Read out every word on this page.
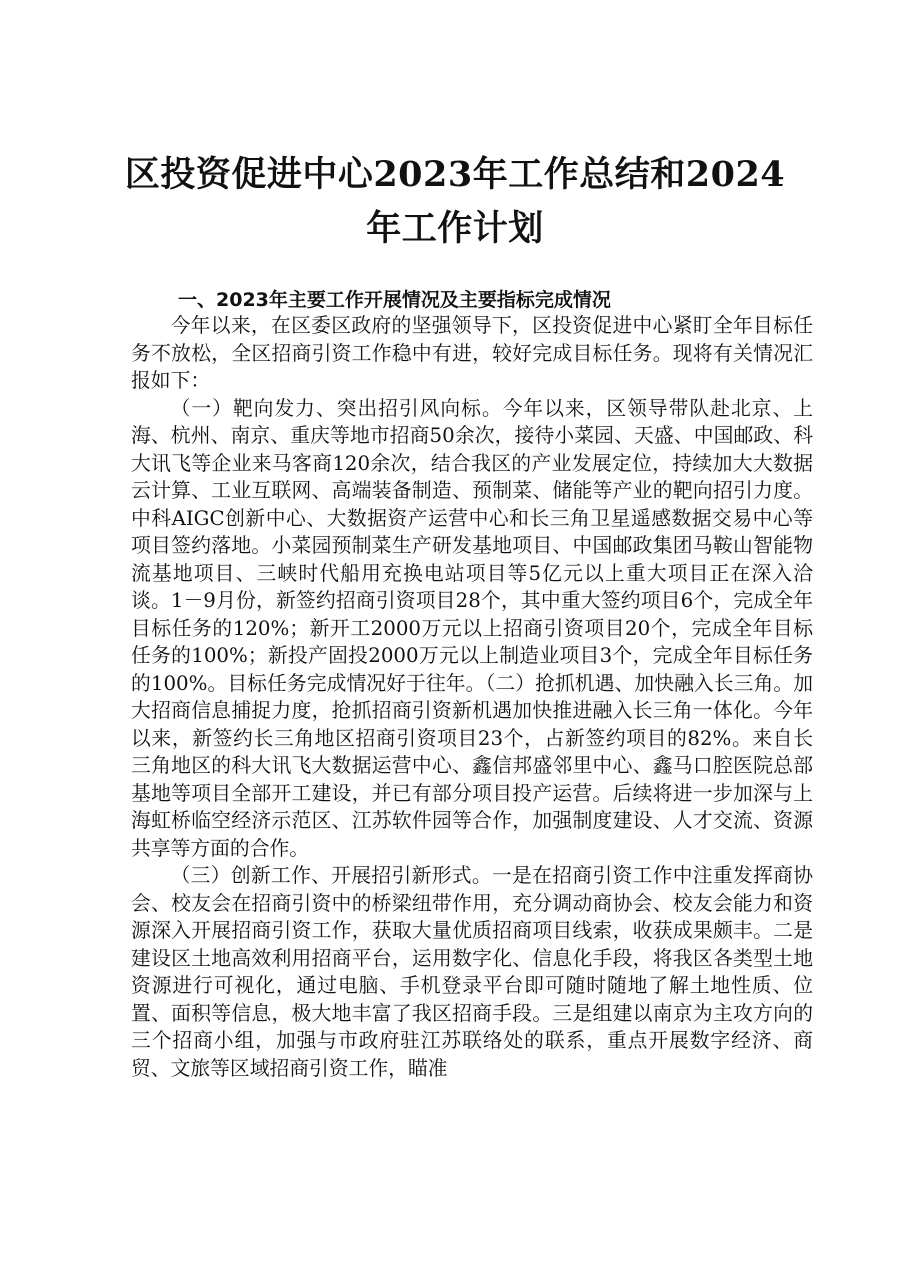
区投资促进中心2023年工作总结和2024年工作计划
一、2023年主要工作开展情况及主要指标完成情况

今年以来，在区委区政府的坚强领导下，区投资促进中心紧盯全年目标任务不放松，全区招商引资工作稳中有进，较好完成目标任务。现将有关情况汇报如下：

（一）靶向发力、突出招引风向标。今年以来，区领导带队赴北京、上海、杭州、南京、重庆等地市招商50余次，接待小菜园、天盛、中国邮政、科大讯飞等企业来马客商120余次，结合我区的产业发展定位，持续加大大数据云计算、工业互联网、高端装备制造、预制菜、储能等产业的靶向招引力度。中科AIGC创新中心、大数据资产运营中心和长三角卫星遥感数据交易中心等项目签约落地。小菜园预制菜生产研发基地项目、中国邮政集团马鞍山智能物流基地项目、三峡时代船用充换电站项目等5亿元以上重大项目正在深入洽谈。1－9月份，新签约招商引资项目28个，其中重大签约项目6个，完成全年目标任务的120%；新开工2000万元以上招商引资项目20个，完成全年目标任务的100%；新投产固投2000万元以上制造业项目3个，完成全年目标任务的100%。目标任务完成情况好于往年。（二）抢抓机遇、加快融入长三角。加大招商信息捕捉力度，抢抓招商引资新机遇加快推进融入长三角一体化。今年以来，新签约长三角地区招商引资项目23个，占新签约项目的82%。来自长三角地区的科大讯飞大数据运营中心、鑫信邦盛邻里中心、鑫马口腔医院总部基地等项目全部开工建设，并已有部分项目投产运营。后续将进一步加深与上海虹桥临空经济示范区、江苏软件园等合作，加强制度建设、人才交流、资源共享等方面的合作。

（三）创新工作、开展招引新形式。一是在招商引资工作中注重发挥商协会、校友会在招商引资中的桥梁纽带作用，充分调动商协会、校友会能力和资源深入开展招商引资工作，获取大量优质招商项目线索，收获成果颇丰。二是建设区土地高效利用招商平台，运用数字化、信息化手段，将我区各类型土地资源进行可视化，通过电脑、手机登录平台即可随时随地了解土地性质、位置、面积等信息，极大地丰富了我区招商手段。三是组建以南京为主攻方向的三个招商小组，加强与市政府驻江苏联络处的联系，重点开展数字经济、商贸、文旅等区域招商引资工作，瞄准
